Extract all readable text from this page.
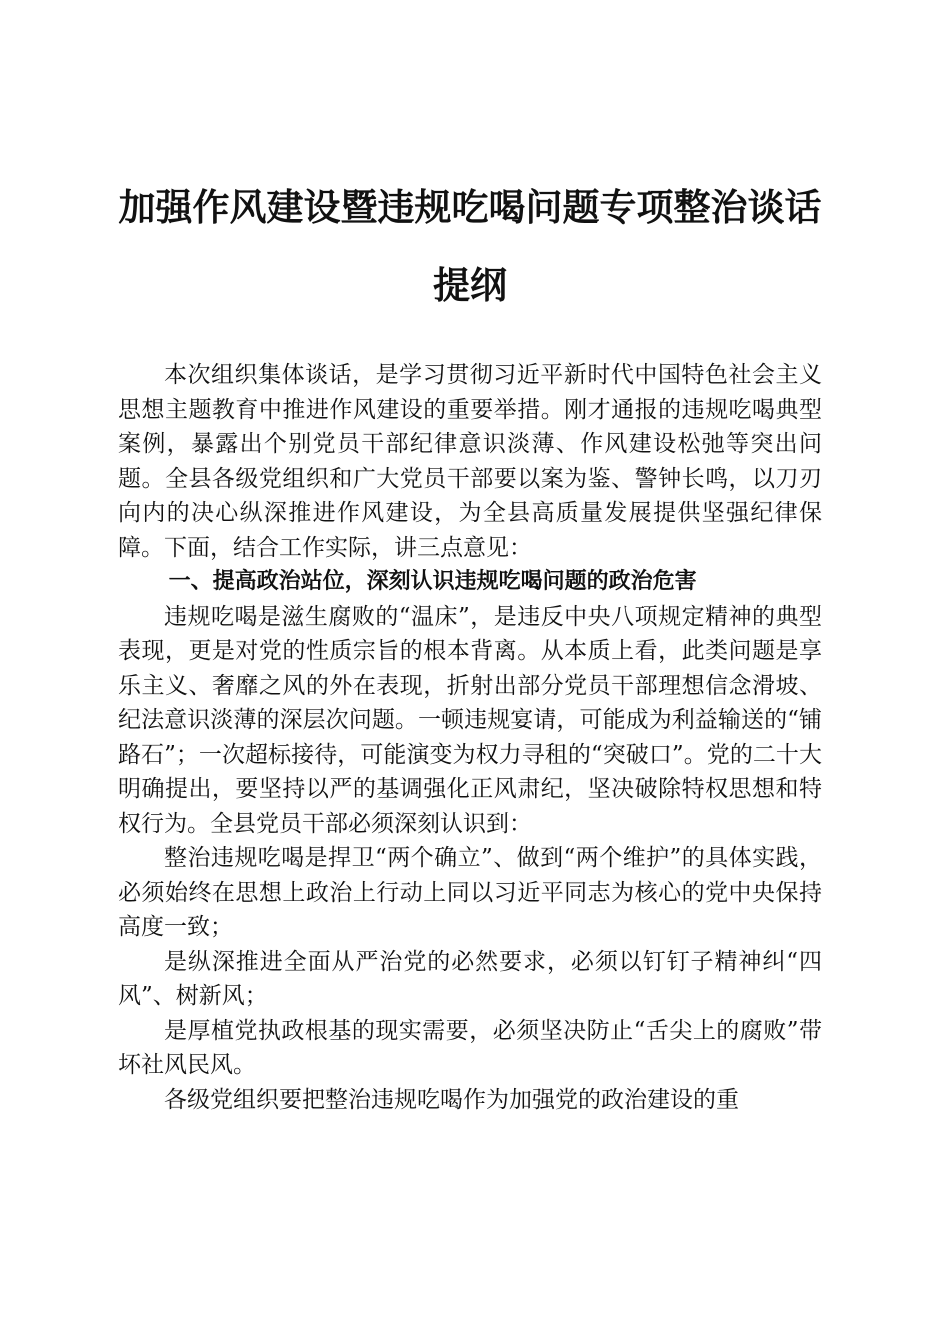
加强作风建设暨违规吃喝问题专项整治谈话提纲

本次组织集体谈话，是学习贯彻习近平新时代中国特色社会主义思想主题教育中推进作风建设的重要举措。刚才通报的违规吃喝典型案例，暴露出个别党员干部纪律意识淡薄、作风建设松弛等突出问题。全县各级党组织和广大党员干部要以案为鉴、警钟长鸣，以刀刃向内的决心纵深推进作风建设，为全县高质量发展提供坚强纪律保障。下面，结合工作实际，讲三点意见：

一、提高政治站位，深刻认识违规吃喝问题的政治危害

违规吃喝是滋生腐败的“温床”，是违反中央八项规定精神的典型表现，更是对党的性质宗旨的根本背离。从本质上看，此类问题是享乐主义、奢靡之风的外在表现，折射出部分党员干部理想信念滑坡、纪法意识淡薄的深层次问题。一顿违规宴请，可能成为利益输送的“铺路石”；一次超标接待，可能演变为权力寻租的“突破口”。党的二十大明确提出，要坚持以严的基调强化正风肃纪，坚决破除特权思想和特权行为。全县党员干部必须深刻认识到：

整治违规吃喝是捍卫“两个确立”、做到“两个维护”的具体实践，必须始终在思想上政治上行动上同以习近平同志为核心的党中央保持高度一致；

是纵深推进全面从严治党的必然要求，必须以钉钉子精神纠“四风”、树新风；

是厚植党执政根基的现实需要，必须坚决防止“舌尖上的腐败”带坏社风民风。

各级党组织要把整治违规吃喝作为加强党的政治建设的重
